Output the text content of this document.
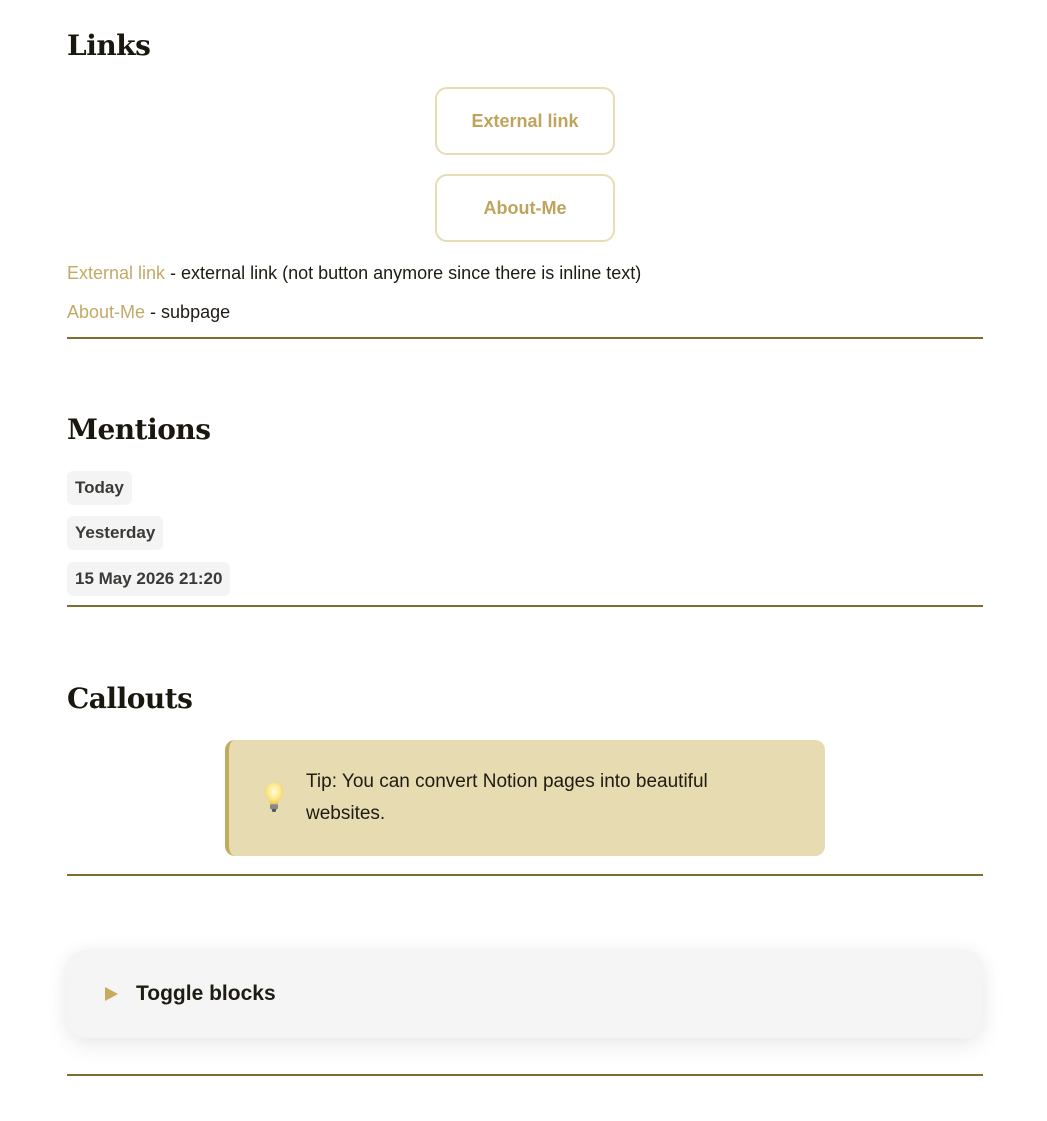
Links
External link
About-Me
External link - external link (not button anymore since there is inline text)
About-Me - subpage
Mentions
Today
Yesterday
15 May 2026 21:20
Callouts
Tip: You can convert Notion pages into beautiful websites.
Toggle blocks
